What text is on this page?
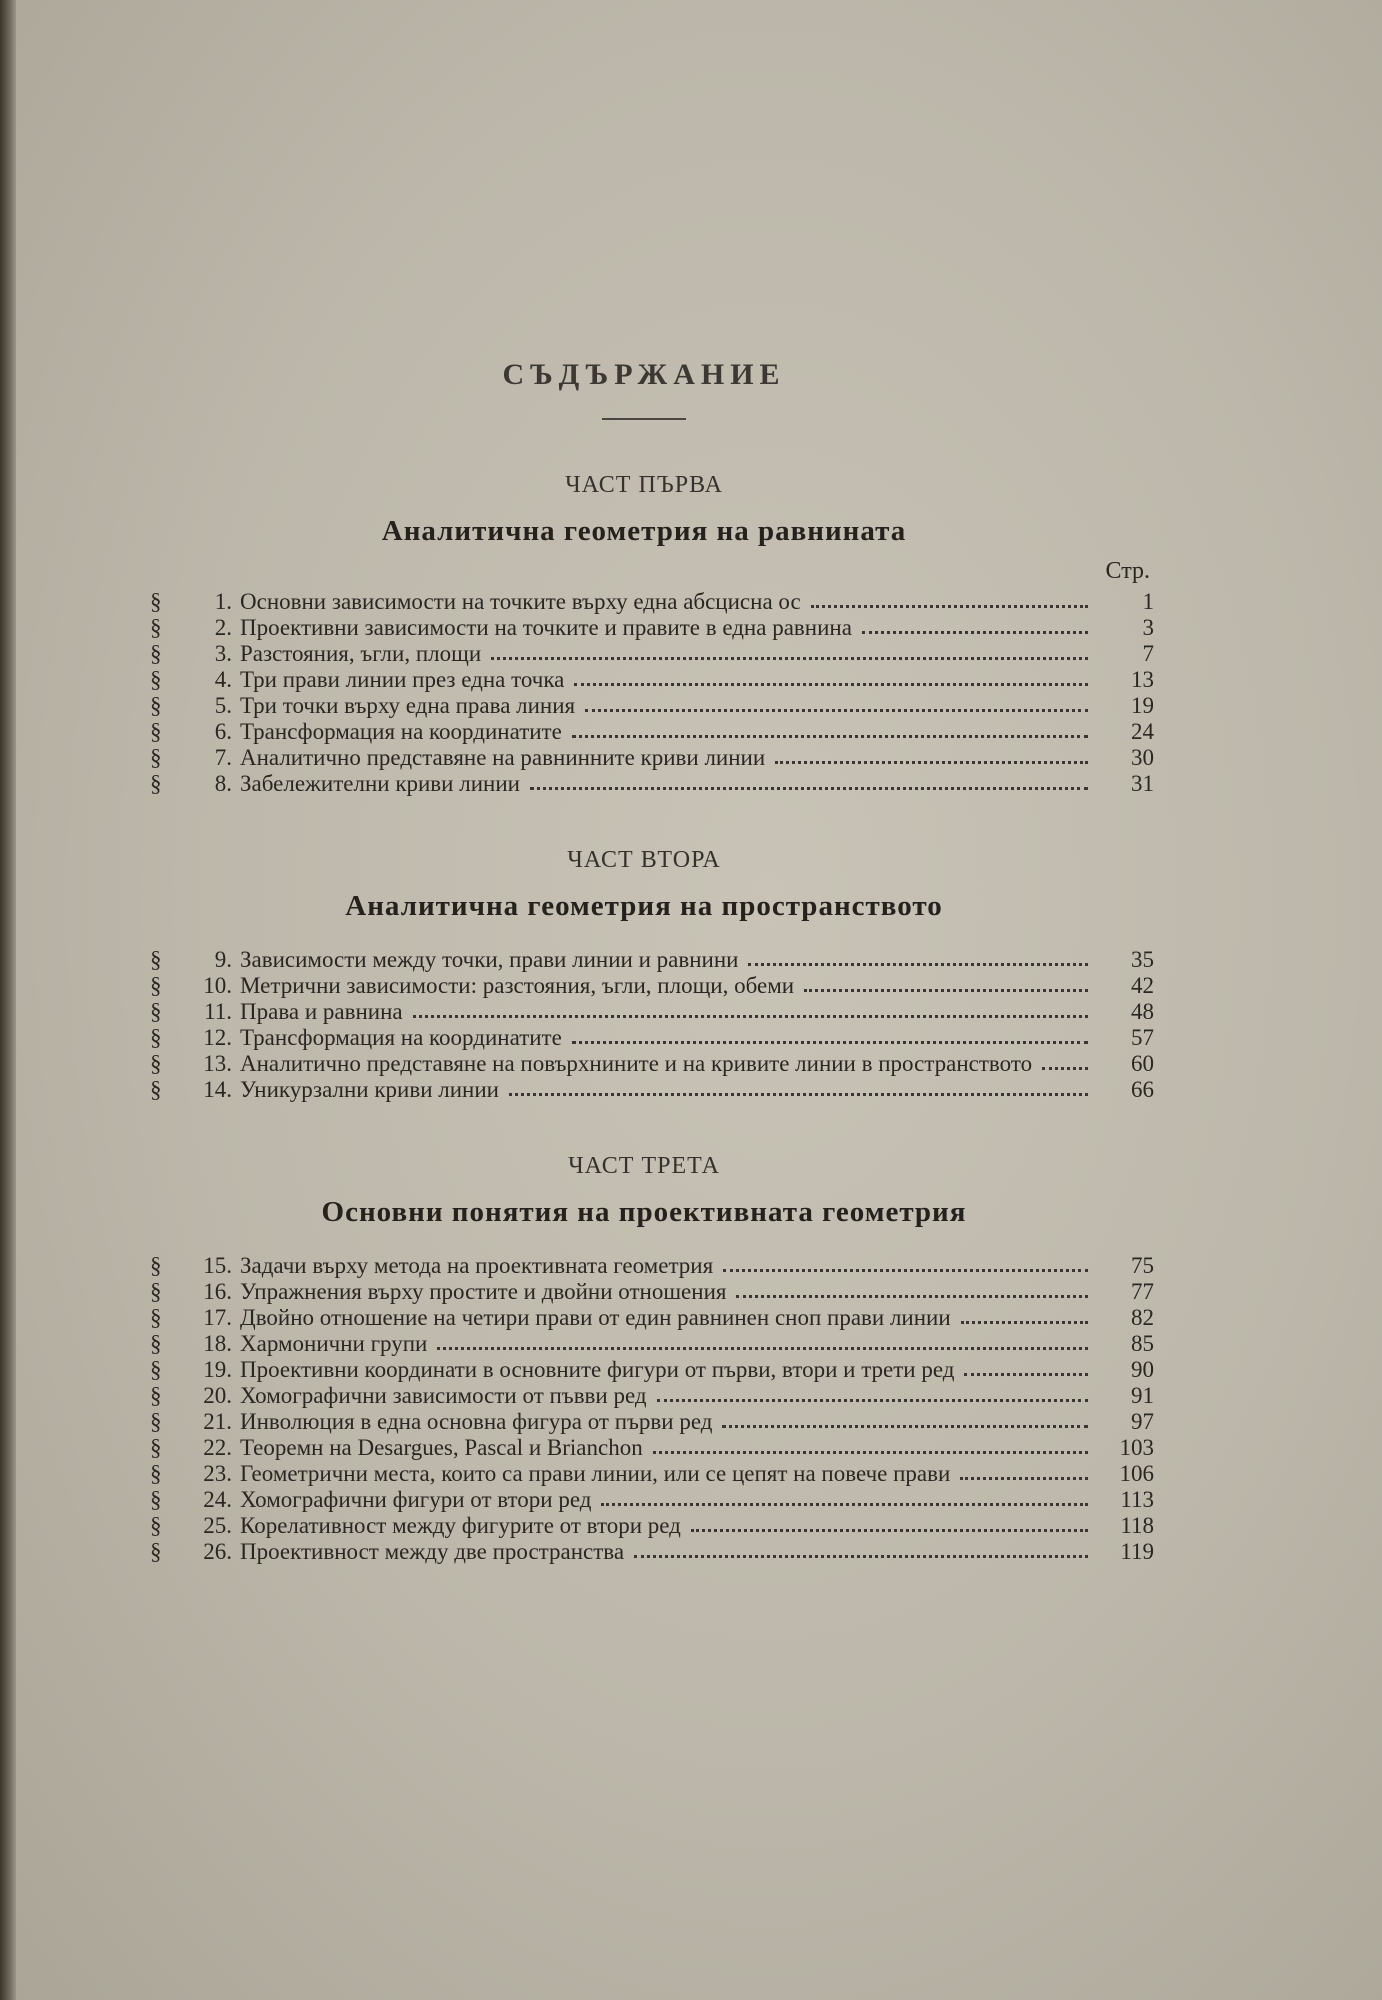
СЪДЪРЖАНИЕ
ЧАСТ ПЪРВА
Аналитична геометрия на равнината
Стр.
§	1. Основни зависимости на точките върху една абсцисна ос	1
§	2. Проективни зависимости на точките и правите в една равнина	3
§	3. Разстояния, ъгли, площи	7
§	4. Три прави линии през една точка	13
§	5. Три точки върху една права линия	19
§	6. Трансформация на координатите	24
§	7. Аналитично представяне на равнинните криви линии	30
§	8. Забележителни криви линии	31
ЧАСТ ВТОРА
Аналитична геометрия на пространството
§	9. Зависимости между точки, прави линии и равнини	35
§	10. Метрични зависимости: разстояния, ъгли, площи, обеми	42
§	11. Права и равнина	48
§	12. Трансформация на координатите	57
§	13. Аналитично представяне на повърхнините и на кривите линии в пространството	60
§	14. Уникурзални криви линии	66
ЧАСТ ТРЕТА
Основни понятия на проективната геометрия
§	15. Задачи върху метода на проективната геометрия	75
§	16. Упражнения върху простите и двойни отношения	77
§	17. Двойно отношение на четири прави от един равнинен сноп прави линии	82
§	18. Хармонични групи	85
§	19. Проективни координати в основните фигури от първи, втори и трети ред	90
§	20. Хомографични зависимости от пъвви ред	91
§	21. Инволюция в една основна фигура от първи ред	97
§	22. Теоремн на Desargues, Pascal и Brianchon	103
§	23. Геометрични места, които са прави линии, или се цепят на повече прави	106
§	24. Хомографични фигури от втори ред	113
§	25. Корелативност между фигурите от втори ред	118
§	26. Проективност между две пространства	119
